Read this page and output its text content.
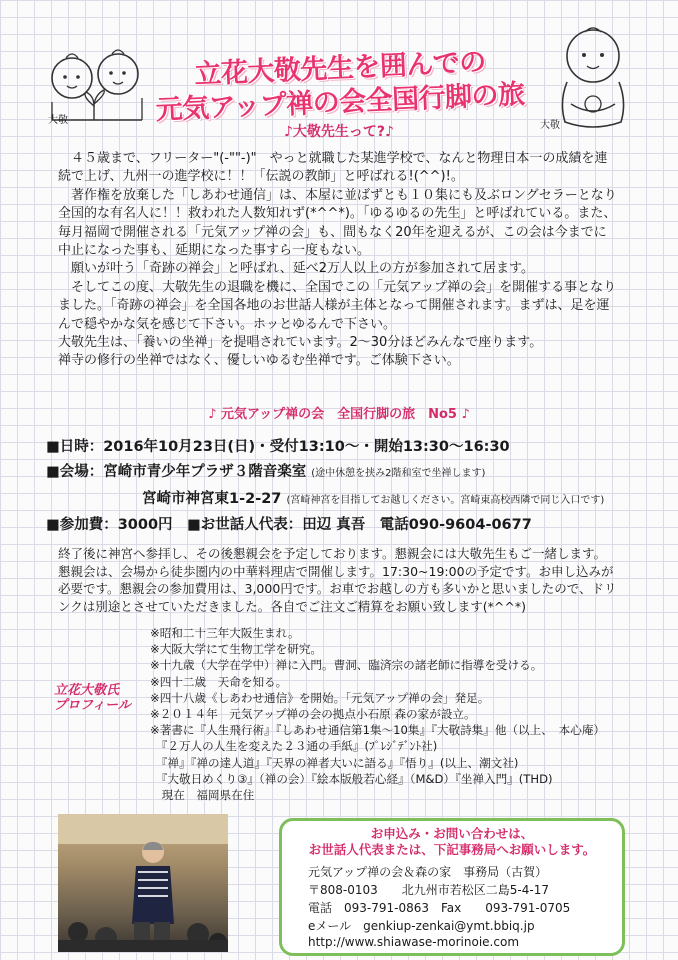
大敬	大敬
立花大敬先生を囲んでの
元気アップ禅の会全国行脚の旅
♪大敬先生って?♪

４５歳まで、フリーター"(-""-)"　やっと就職した某進学校で、なんと物理日本一の成績を連続で上げ、九州一の進学校に！！「伝説の教師」と呼ばれる!(^^)!。

著作権を放棄した「しあわせ通信」は、本屋に並ばずとも１０集にも及ぶロングセラーとなり全国的な有名人に！！救われた人数知れず(*^^*)。「ゆるゆるの先生」と呼ばれている。また、毎月福岡で開催される「元気アップ禅の会」も、間もなく20年を迎えるが、この会は今までに中止になった事も、延期になった事すら一度もない。

願いが叶う「奇跡の禅会」と呼ばれ、延べ2万人以上の方が参加されて居ます。

そしてこの度、大敬先生の退職を機に、全国でこの「元気アップ禅の会」を開催する事となりました。「奇跡の禅会」を全国各地のお世話人様が主体となって開催されます。まずは、足を運んで穏やかな気を感じて下さい。ホッとゆるんで下さい。

大敬先生は、「養いの坐禅」を提唱されています。2～30分ほどみんなで座ります。

禅寺の修行の坐禅ではなく、優しいゆるむ坐禅です。ご体験下さい。

♪ 元気アップ禅の会　全国行脚の旅　No5 ♪
■日時：2016年10月23日(日)・受付13:10～・開始13:30～16:30
■会場：宮崎市青少年プラザ３階音楽室 (途中休憩を挟み2階和室で坐禅します)
宮崎市神宮東1-2-27 (宮崎神宮を目指してお越しください。宮崎東高校西隣で同じ入口です)
■参加費：3000円　■お世話人代表：田辺 真吾　電話090-9604-0677
終了後に神宮へ参拝し、その後懇親会を予定しております。懇親会には大敬先生もご一緒します。
懇親会は、会場から徒歩圏内の中華料理店で開催します。17:30~19:00の予定です。お申し込みが必要です。懇親会の参加費用は、3,000円です。お車でお越しの方も多いかと思いましたので、ドリンクは別途とさせていただきました。各自でご注文ご精算をお願い致します(*^^*)
立花大敬氏
プロフィール
※昭和二十三年大阪生まれ。
※大阪大学にて生物工学を研究。
※十九歳（大学在学中）禅に入門。曹洞、臨済宗の諸老師に指導を受ける。
※四十二歳　天命を知る。
※四十八歳《しあわせ通信》を開始。「元気アップ禅の会」発足。
※２０１４年　元気アップ禅の会の拠点小石原 森の家が設立。
※著書に『人生飛行術』『しあわせ通信第1集～10集』『大敬詩集』他（以上、　本心庵）
　『２万人の人生を変えた２３通の手紙』(ﾌﾟﾚｼﾞﾃﾞﾝﾄ社)
　『禅』『禅の達人道』『天界の禅者大いに語る』『悟り』(以上、潮文社)
　『大敬日めくり③』（禅の会）『絵本版般若心経』（M&D）『坐禅入門』(THD)
　現在　福岡県在住
お申込み・お問い合わせは、
お世話人代表または、下記事務局へお願いします。
元気アップ禅の会＆森の家　事務局（古賀）
〒808-0103　　北九州市若松区二島5-4-17
電話　093-791-0863　Fax　　093-791-0705
eメール　genkiup-zenkai@ymt.bbiq.jp
http://www.shiawase-morinoie.com
